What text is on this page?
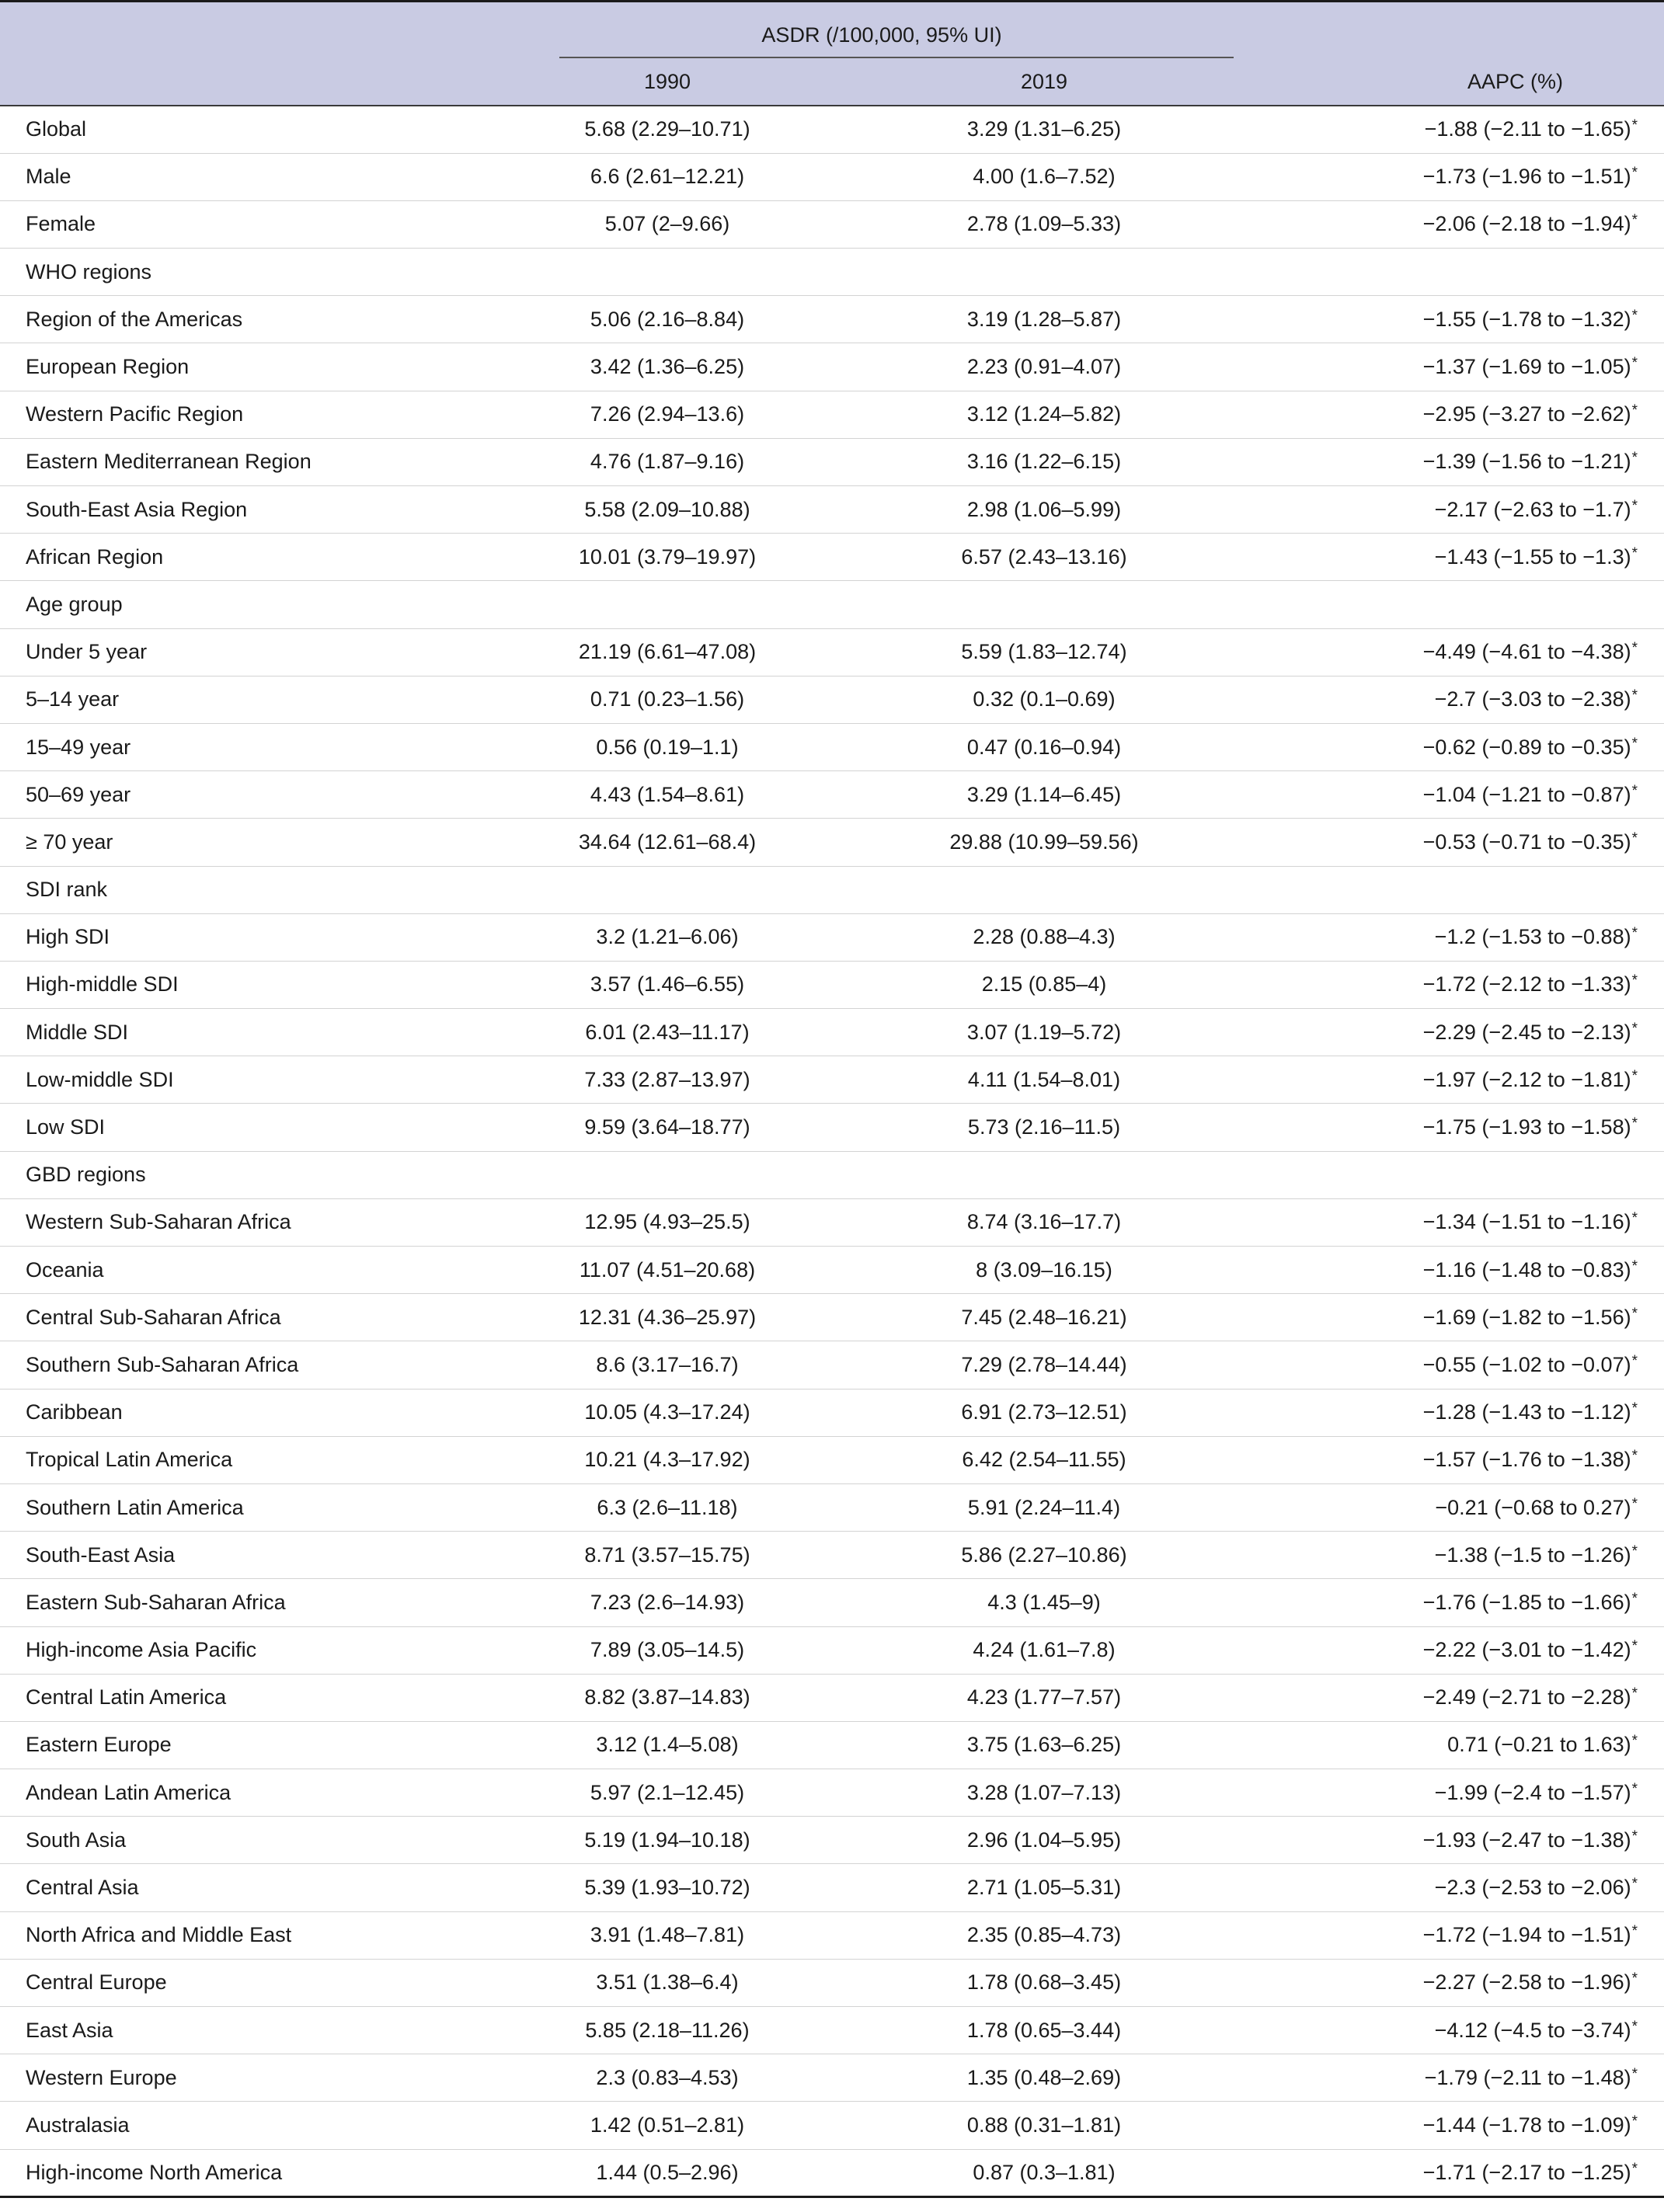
	ASDR (/100,000, 95% UI)	

	1990	2019	AAPC (%)
Global	5.68 (2.29–10.71)	3.29 (1.31–6.25)	−1.88 (−2.11 to −1.65)*
Male	6.6 (2.61–12.21)	4.00 (1.6–7.52)	−1.73 (−1.96 to −1.51)*
Female	5.07 (2–9.66)	2.78 (1.09–5.33)	−2.06 (−2.18 to −1.94)*
WHO regions			
Region of the Americas	5.06 (2.16–8.84)	3.19 (1.28–5.87)	−1.55 (−1.78 to −1.32)*
European Region	3.42 (1.36–6.25)	2.23 (0.91–4.07)	−1.37 (−1.69 to −1.05)*
Western Pacific Region	7.26 (2.94–13.6)	3.12 (1.24–5.82)	−2.95 (−3.27 to −2.62)*
Eastern Mediterranean Region	4.76 (1.87–9.16)	3.16 (1.22–6.15)	−1.39 (−1.56 to −1.21)*
South-East Asia Region	5.58 (2.09–10.88)	2.98 (1.06–5.99)	−2.17 (−2.63 to −1.7)*
African Region	10.01 (3.79–19.97)	6.57 (2.43–13.16)	−1.43 (−1.55 to −1.3)*
Age group			
Under 5 year	21.19 (6.61–47.08)	5.59 (1.83–12.74)	−4.49 (−4.61 to −4.38)*
5–14 year	0.71 (0.23–1.56)	0.32 (0.1–0.69)	−2.7 (−3.03 to −2.38)*
15–49 year	0.56 (0.19–1.1)	0.47 (0.16–0.94)	−0.62 (−0.89 to −0.35)*
50–69 year	4.43 (1.54–8.61)	3.29 (1.14–6.45)	−1.04 (−1.21 to −0.87)*
≥ 70 year	34.64 (12.61–68.4)	29.88 (10.99–59.56)	−0.53 (−0.71 to −0.35)*
SDI rank			
High SDI	3.2 (1.21–6.06)	2.28 (0.88–4.3)	−1.2 (−1.53 to −0.88)*
High-middle SDI	3.57 (1.46–6.55)	2.15 (0.85–4)	−1.72 (−2.12 to −1.33)*
Middle SDI	6.01 (2.43–11.17)	3.07 (1.19–5.72)	−2.29 (−2.45 to −2.13)*
Low-middle SDI	7.33 (2.87–13.97)	4.11 (1.54–8.01)	−1.97 (−2.12 to −1.81)*
Low SDI	9.59 (3.64–18.77)	5.73 (2.16–11.5)	−1.75 (−1.93 to −1.58)*
GBD regions			
Western Sub-Saharan Africa	12.95 (4.93–25.5)	8.74 (3.16–17.7)	−1.34 (−1.51 to −1.16)*
Oceania	11.07 (4.51–20.68)	8 (3.09–16.15)	−1.16 (−1.48 to −0.83)*
Central Sub-Saharan Africa	12.31 (4.36–25.97)	7.45 (2.48–16.21)	−1.69 (−1.82 to −1.56)*
Southern Sub-Saharan Africa	8.6 (3.17–16.7)	7.29 (2.78–14.44)	−0.55 (−1.02 to −0.07)*
Caribbean	10.05 (4.3–17.24)	6.91 (2.73–12.51)	−1.28 (−1.43 to −1.12)*
Tropical Latin America	10.21 (4.3–17.92)	6.42 (2.54–11.55)	−1.57 (−1.76 to −1.38)*
Southern Latin America	6.3 (2.6–11.18)	5.91 (2.24–11.4)	−0.21 (−0.68 to 0.27)*
South-East Asia	8.71 (3.57–15.75)	5.86 (2.27–10.86)	−1.38 (−1.5 to −1.26)*
Eastern Sub-Saharan Africa	7.23 (2.6–14.93)	4.3 (1.45–9)	−1.76 (−1.85 to −1.66)*
High-income Asia Pacific	7.89 (3.05–14.5)	4.24 (1.61–7.8)	−2.22 (−3.01 to −1.42)*
Central Latin America	8.82 (3.87–14.83)	4.23 (1.77–7.57)	−2.49 (−2.71 to −2.28)*
Eastern Europe	3.12 (1.4–5.08)	3.75 (1.63–6.25)	0.71 (−0.21 to 1.63)*
Andean Latin America	5.97 (2.1–12.45)	3.28 (1.07–7.13)	−1.99 (−2.4 to −1.57)*
South Asia	5.19 (1.94–10.18)	2.96 (1.04–5.95)	−1.93 (−2.47 to −1.38)*
Central Asia	5.39 (1.93–10.72)	2.71 (1.05–5.31)	−2.3 (−2.53 to −2.06)*
North Africa and Middle East	3.91 (1.48–7.81)	2.35 (0.85–4.73)	−1.72 (−1.94 to −1.51)*
Central Europe	3.51 (1.38–6.4)	1.78 (0.68–3.45)	−2.27 (−2.58 to −1.96)*
East Asia	5.85 (2.18–11.26)	1.78 (0.65–3.44)	−4.12 (−4.5 to −3.74)*
Western Europe	2.3 (0.83–4.53)	1.35 (0.48–2.69)	−1.79 (−2.11 to −1.48)*
Australasia	1.42 (0.51–2.81)	0.88 (0.31–1.81)	−1.44 (−1.78 to −1.09)*
High-income North America	1.44 (0.5–2.96)	0.87 (0.3–1.81)	−1.71 (−2.17 to −1.25)*
